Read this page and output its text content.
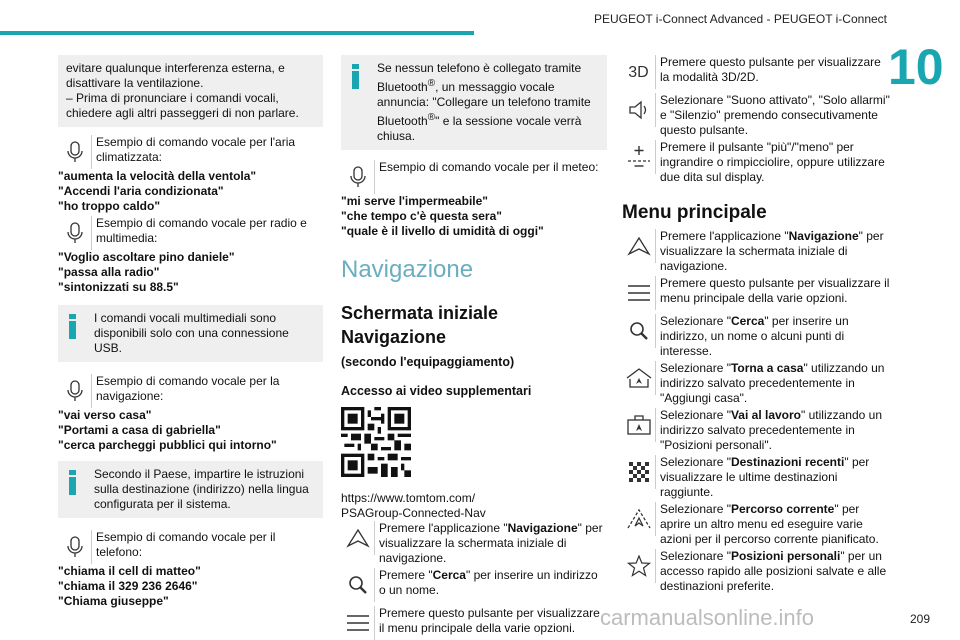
PEUGEOT i-Connect Advanced - PEUGEOT i-Connect
10
evitare qualunque interferenza esterna, e disattivare la ventilazione.
– Prima di pronunciare i comandi vocali, chiedere agli altri passeggeri di non parlare.
Esempio di comando vocale per l'aria climatizzata:
"aumenta la velocità della ventola"
"Accendi l'aria condizionata"
"ho troppo caldo"
Esempio di comando vocale per radio e multimedia:
"Voglio ascoltare pino daniele"
"passa alla radio"
"sintonizzati su 88.5"
I comandi vocali multimediali sono disponibili solo con una connessione USB.
Esempio di comando vocale per la navigazione:
"vai verso casa"
"Portami a casa di gabriella"
"cerca parcheggi pubblici qui intorno"
Secondo il Paese, impartire le istruzioni sulla destinazione (indirizzo) nella lingua configurata per il sistema.
Esempio di comando vocale per il telefono:
"chiama il cell di matteo"
"chiama il 329 236 2646"
"Chiama giuseppe"
Se nessun telefono è collegato tramite Bluetooth®, un messaggio vocale annuncia: "Collegare un telefono tramite Bluetooth®" e la sessione vocale verrà chiusa.
Esempio di comando vocale per il meteo:
"mi serve l'impermeabile"
"che tempo c'è questa sera"
"quale è il livello di umidità di oggi"
Navigazione
Schermata iniziale Navigazione
(secondo l'equipaggiamento)
Accesso ai video supplementari
https://www.tomtom.com/
PSAGroup-Connected-Nav
Premere l'applicazione "Navigazione" per visualizzare la schermata iniziale di navigazione.
Premere "Cerca" per inserire un indirizzo o un nome.
Premere questo pulsante per visualizzare il menu principale della varie opzioni.
3D
Premere questo pulsante per visualizzare la modalità 3D/2D.
Selezionare "Suono attivato", "Solo allarmi" e "Silenzio" premendo consecutivamente questo pulsante.
Premere il pulsante "più"/"meno" per ingrandire o rimpicciolire, oppure utilizzare due dita sul display.
Menu principale
Premere l'applicazione "Navigazione" per visualizzare la schermata iniziale di navigazione.
Premere questo pulsante per visualizzare il menu principale della varie opzioni.
Selezionare "Cerca" per inserire un indirizzo, un nome o alcuni punti di interesse.
Selezionare "Torna a casa" utilizzando un indirizzo salvato precedentemente in "Aggiungi casa".
Selezionare "Vai al lavoro" utilizzando un indirizzo salvato precedentemente in "Posizioni personali".
Selezionare "Destinazioni recenti" per visualizzare le ultime destinazioni raggiunte.
Selezionare "Percorso corrente" per aprire un altro menu ed eseguire varie azioni per il percorso corrente pianificato.
Selezionare "Posizioni personali" per un accesso rapido alle posizioni salvate e alle destinazioni preferite.
209
carmanualsonline.info
